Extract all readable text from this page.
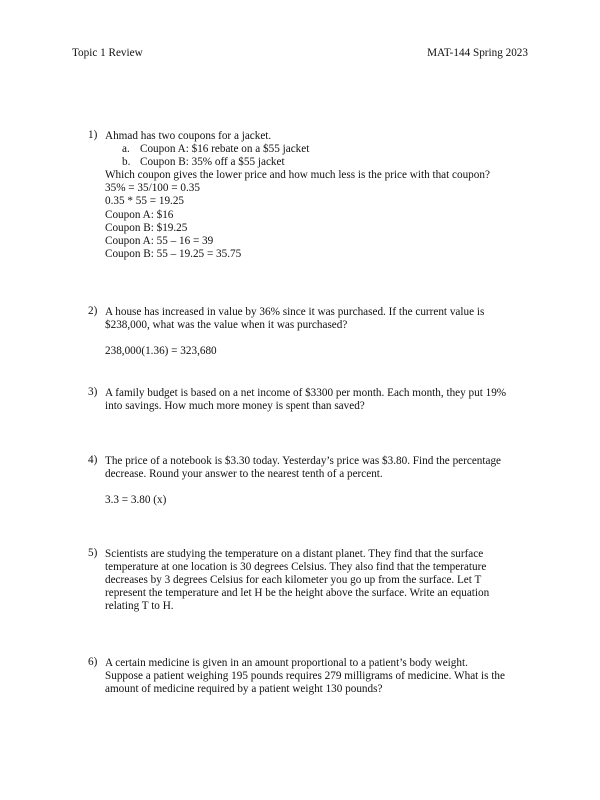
Topic 1 Review	MAT-144 Spring 2023
1) Ahmad has two coupons for a jacket.
a. Coupon A: $16 rebate on a $55 jacket
b. Coupon B: 35% off a $55 jacket
Which coupon gives the lower price and how much less is the price with that coupon?
35% = 35/100 = 0.35
0.35 * 55 = 19.25
Coupon A: $16
Coupon B: $19.25
Coupon A: 55 – 16 = 39
Coupon B: 55 – 19.25 = 35.75
2) A house has increased in value by 36% since it was purchased. If the current value is
$238,000, what was the value when it was purchased?
238,000(1.36) = 323,680
3) A family budget is based on a net income of $3300 per month. Each month, they put 19%
into savings. How much more money is spent than saved?
4) The price of a notebook is $3.30 today. Yesterday’s price was $3.80. Find the percentage
decrease. Round your answer to the nearest tenth of a percent.
3.3 = 3.80 (x)
5) Scientists are studying the temperature on a distant planet. They find that the surface
temperature at one location is 30 degrees Celsius. They also find that the temperature
decreases by 3 degrees Celsius for each kilometer you go up from the surface. Let T
represent the temperature and let H be the height above the surface. Write an equation
relating T to H.
6) A certain medicine is given in an amount proportional to a patient’s body weight.
Suppose a patient weighing 195 pounds requires 279 milligrams of medicine. What is the
amount of medicine required by a patient weight 130 pounds?
